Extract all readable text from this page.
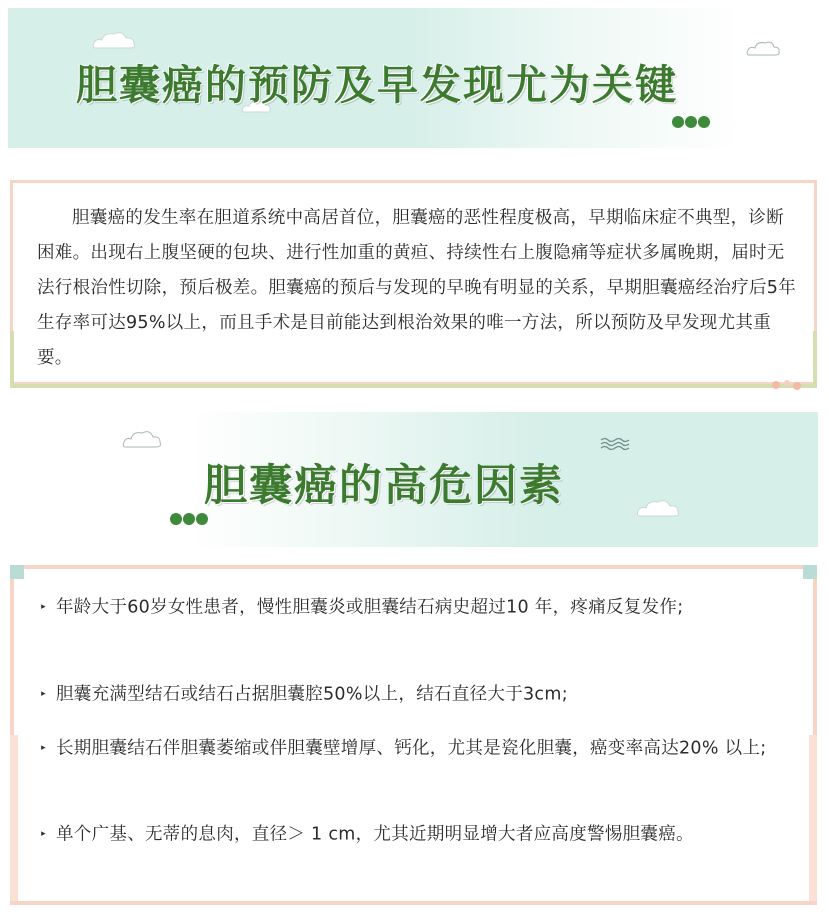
胆囊癌的预防及早发现尤为关键

胆囊癌的发生率在胆道系统中高居首位，胆囊癌的恶性程度极高，早期临床症不典型，诊断困难。出现右上腹坚硬的包块、进行性加重的黄疸、持续性右上腹隐痛等症状多属晚期，届时无法行根治性切除，预后极差。胆囊癌的预后与发现的早晚有明显的关系，早期胆囊癌经治疗后5年生存率可达95%以上，而且手术是目前能达到根治效果的唯一方法，所以预防及早发现尤其重要。

胆囊癌的高危因素
▸ 年龄大于60岁女性患者，慢性胆囊炎或胆囊结石病史超过10 年，疼痛反复发作;
▸ 胆囊充满型结石或结石占据胆囊腔50%以上，结石直径大于3cm;
▸ 长期胆囊结石伴胆囊萎缩或伴胆囊壁增厚、钙化，尤其是瓷化胆囊，癌变率高达20% 以上;
▸ 单个广基、无蒂的息肉，直径＞ 1 cm，尤其近期明显增大者应高度警惕胆囊癌。
